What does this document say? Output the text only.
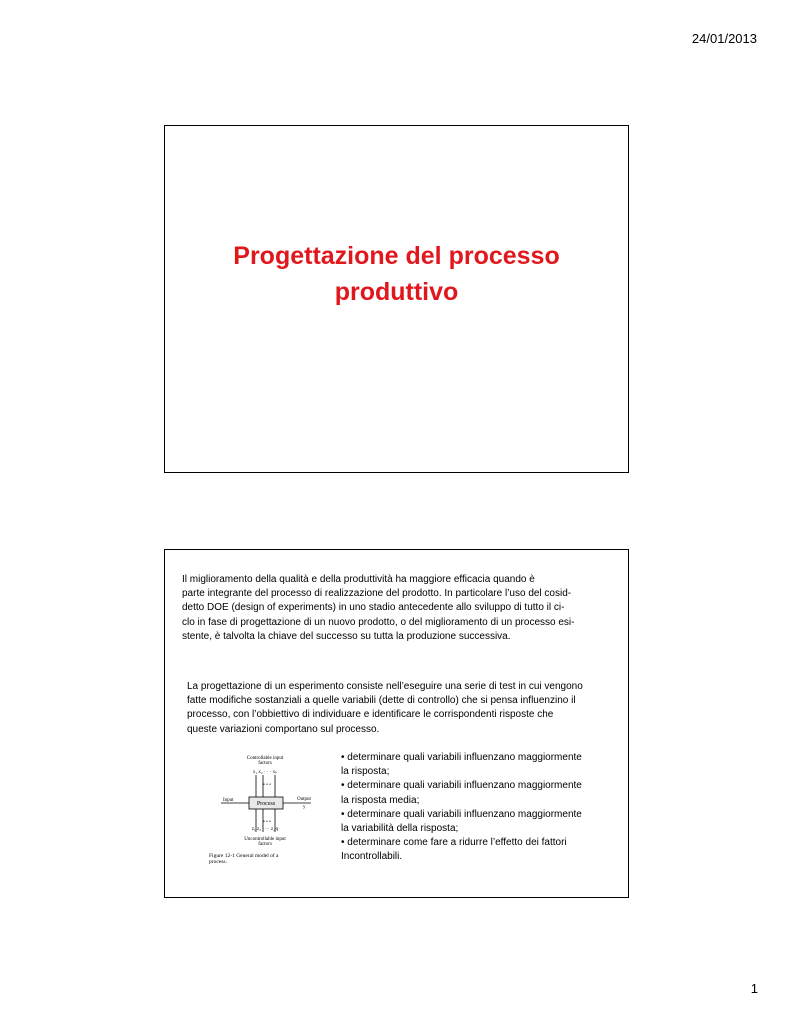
24/01/2013
Progettazione del processo
produttivo
Il miglioramento della qualità e della produttività ha maggiore efficacia quando è
parte integrante del processo di realizzazione del prodotto. In particolare l’uso del cosid-
detto DOE (design of experiments) in uno stadio antecedente allo sviluppo di tutto il ci-
clo in fase di progettazione di un nuovo prodotto, o del miglioramento di un processo esi-
stente, è talvolta la chiave del successo su tutta la produzione successiva.
La progettazione di un esperimento consiste nell’eseguire una serie di test in cui vengono
fatte modifiche sostanziali a quelle variabili (dette di controllo) che si pensa influenzino il
processo, con l’obbiettivo di individuare e identificare le corrispondenti risposte che
queste variazioni comportano sul processo.
Controllable input
factors
x₁ x₂ · · · xₚ
• • •
• • •
Process
Input	Output
y
z₁ z₂ · · · z_q
Uncontrollable input
factors
Figure 12-1 General model of a
process.
• determinare quali variabili influenzano maggiormente
la risposta;
• determinare quali variabili influenzano maggiormente
la risposta media;
• determinare quali variabili influenzano maggiormente
la variabilità della risposta;
• determinare come fare a ridurre l’effetto dei fattori
Incontrollabili.
1
